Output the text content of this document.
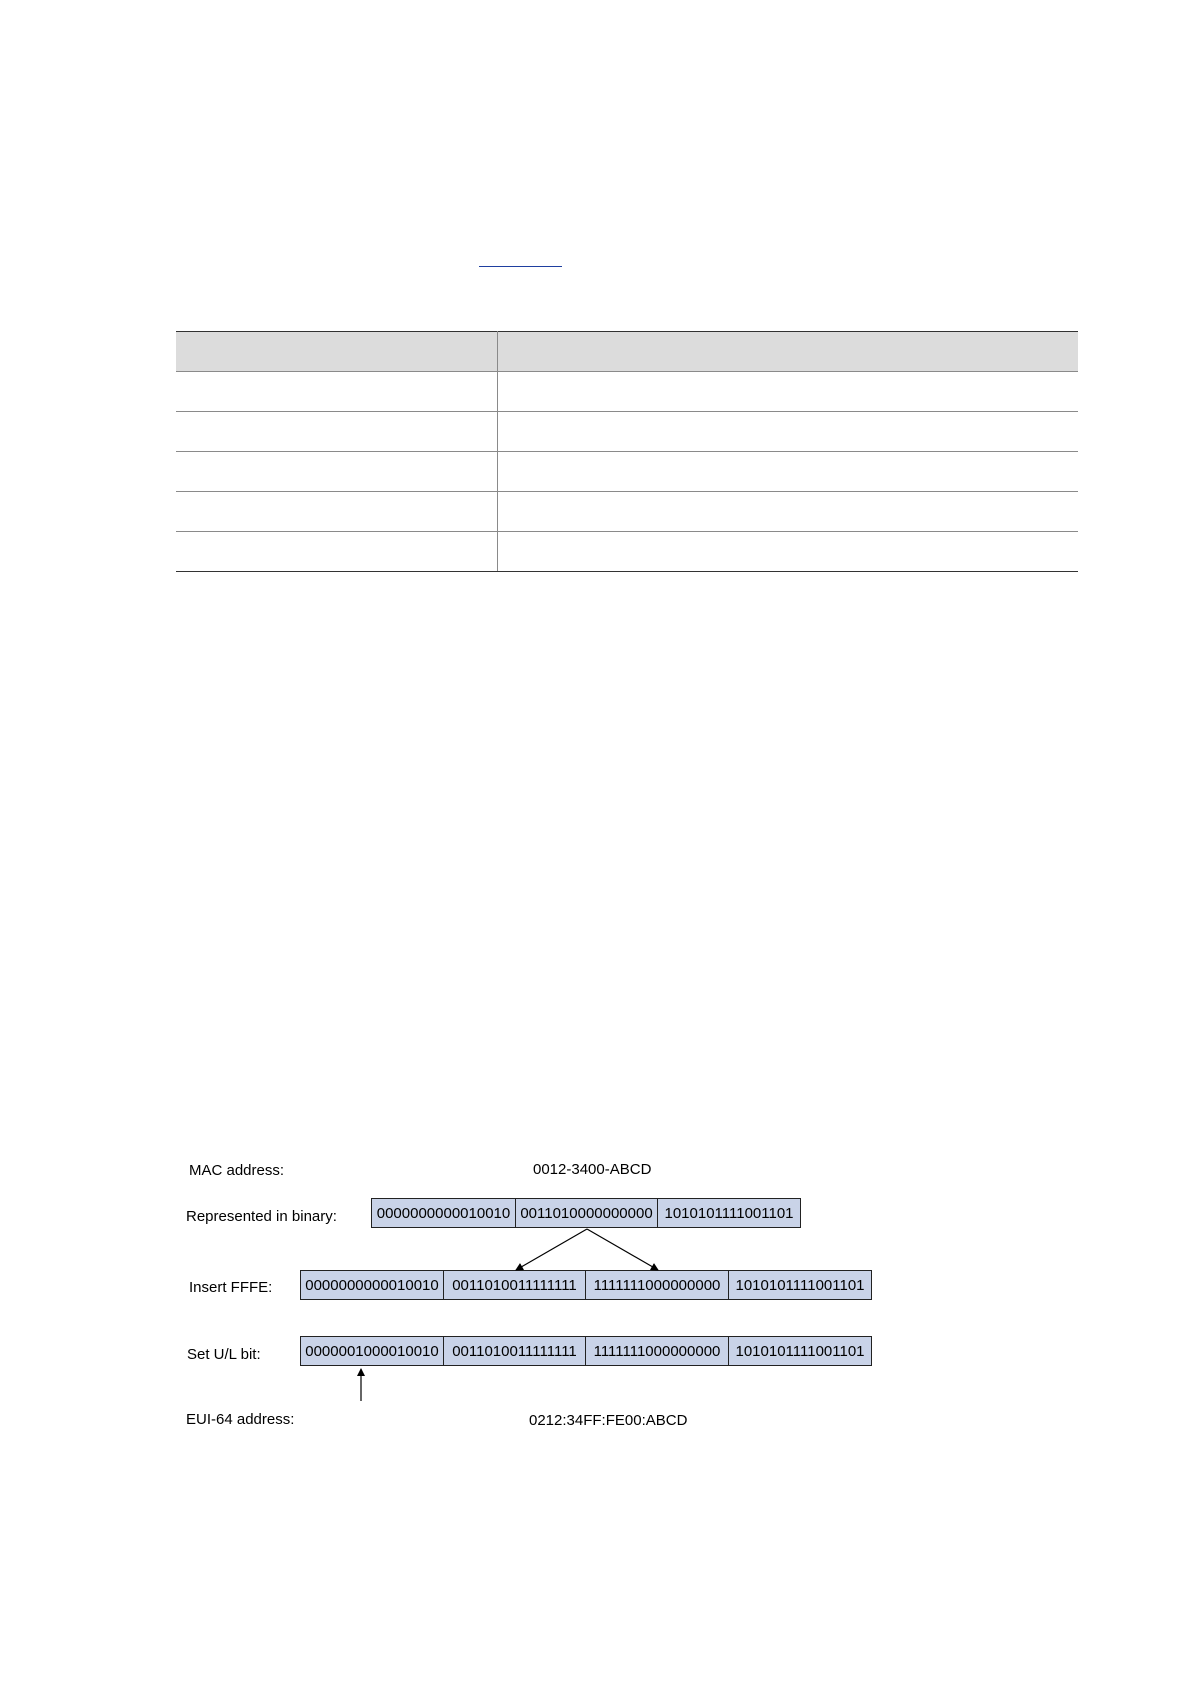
MAC address:	0012-3400-ABCD
Represented in binary:	0000000000010010 0011010000000000 1010101111001101
Insert FFFE: 0000000000010010 0011010011111111	1111111000000000	1010101111001101
Set U/L bit:	0000001000010010 0011010011111111	1111111000000000	1010101111001101
EUI-64 address:	0212:34FF:FE00:ABCD
